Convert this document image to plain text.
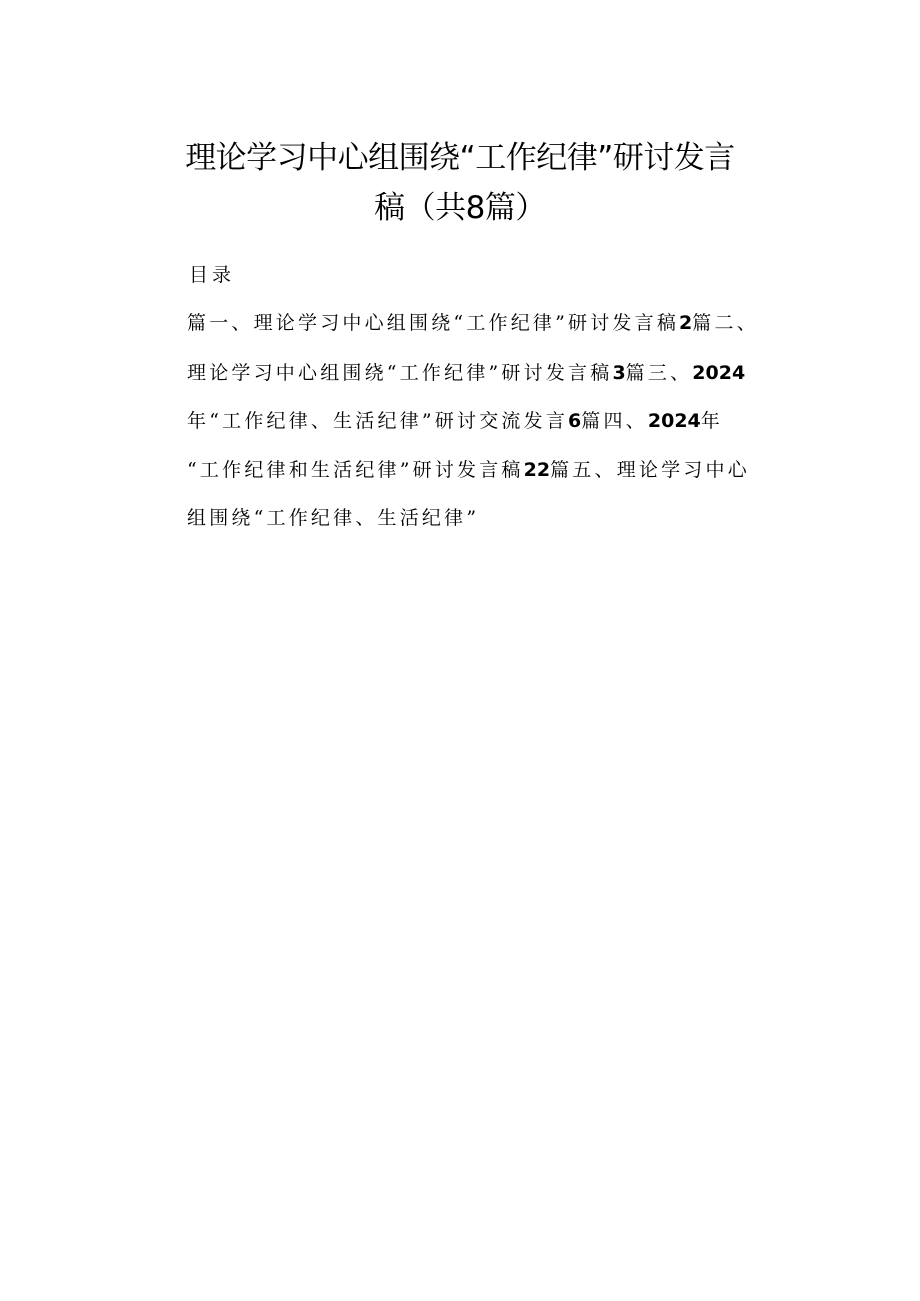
理论学习中心组围绕“工作纪律”研讨发言
稿（共8篇）
目录
篇一、理论学习中心组围绕“工作纪律”研讨发言稿2篇二、
理论学习中心组围绕“工作纪律”研讨发言稿3篇三、2024
年“工作纪律、生活纪律”研讨交流发言6篇四、2024年
“工作纪律和生活纪律”研讨发言稿22篇五、理论学习中心
组围绕“工作纪律、生活纪律”
